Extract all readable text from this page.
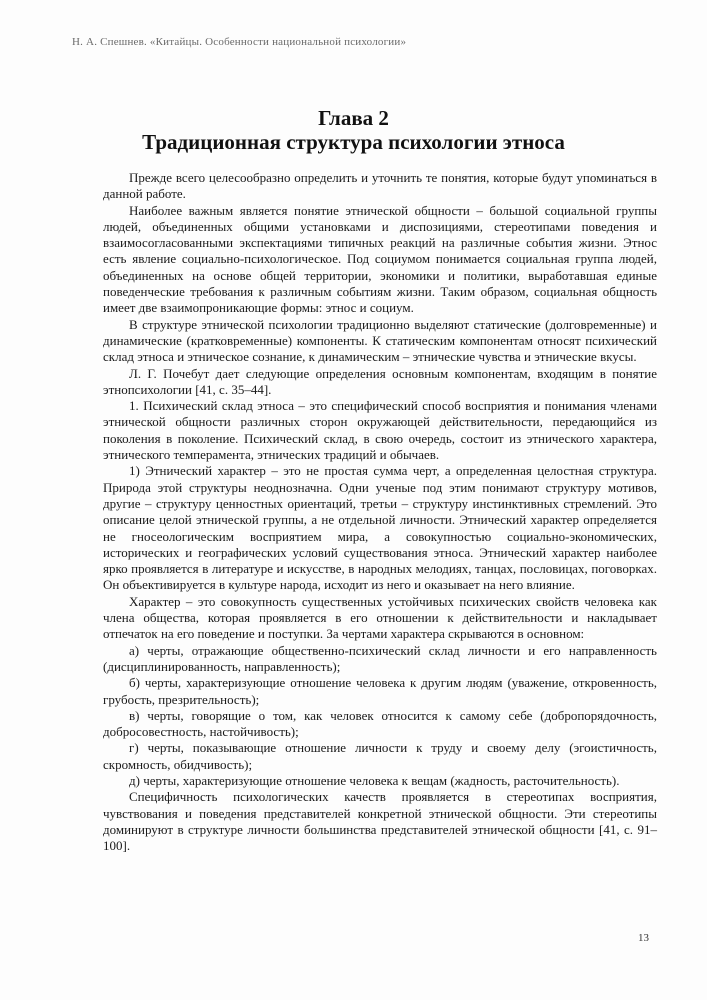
Н. А. Спешнев. «Китайцы. Особенности национальной психологии»
Глава 2
Традиционная структура психологии этноса

Прежде всего целесообразно определить и уточнить те понятия, которые будут упоминаться в данной работе.

Наиболее важным является понятие этнической общности – большой социальной группы людей, объединенных общими установками и диспозициями, стереотипами поведения и взаимосогласованными экспектациями типичных реакций на различные события жизни. Этнос есть явление социально-психологическое. Под социумом понимается социальная группа людей, объединенных на основе общей территории, экономики и политики, выработавшая единые поведенческие требования к различным событиям жизни. Таким образом, социальная общность имеет две взаимопроникающие формы: этнос и социум.

В структуре этнической психологии традиционно выделяют статические (долговременные) и динамические (кратковременные) компоненты. К статическим компонентам относят психический склад этноса и этническое сознание, к динамическим – этнические чувства и этнические вкусы.

Л. Г. Почебут дает следующие определения основным компонентам, входящим в понятие этнопсихологии [41, с. 35–44].

1. Психический склад этноса – это специфический способ восприятия и понимания членами этнической общности различных сторон окружающей действительности, передающийся из поколения в поколение. Психический склад, в свою очередь, состоит из этнического характера, этнического темперамента, этнических традиций и обычаев.

1) Этнический характер – это не простая сумма черт, а определенная целостная структура. Природа этой структуры неоднозначна. Одни ученые под этим понимают структуру мотивов, другие – структуру ценностных ориентаций, третьи – структуру инстинктивных стремлений. Это описание целой этнической группы, а не отдельной личности. Этнический характер определяется не гносеологическим восприятием мира, а совокупностью социально-экономических, исторических и географических условий существования этноса. Этнический характер наиболее ярко проявляется в литературе и искусстве, в народных мелодиях, танцах, пословицах, поговорках. Он объективируется в культуре народа, исходит из него и оказывает на него влияние.

Характер – это совокупность существенных устойчивых психических свойств человека как члена общества, которая проявляется в его отношении к действительности и накладывает отпечаток на его поведение и поступки. За чертами характера скрываются в основном:

а) черты, отражающие общественно-психический склад личности и его направленность (дисциплинированность, направленность);

б) черты, характеризующие отношение человека к другим людям (уважение, откровенность, грубость, презрительность);

в) черты, говорящие о том, как человек относится к самому себе (добропорядочность, добросовестность, настойчивость);

г) черты, показывающие отношение личности к труду и своему делу (эгоистичность, скромность, обидчивость);

д) черты, характеризующие отношение человека к вещам (жадность, расточительность).

Специфичность психологических качеств проявляется в стереотипах восприятия, чувствования и поведения представителей конкретной этнической общности. Эти стереотипы доминируют в структуре личности большинства представителей этнической общности [41, с. 91–100].

13
